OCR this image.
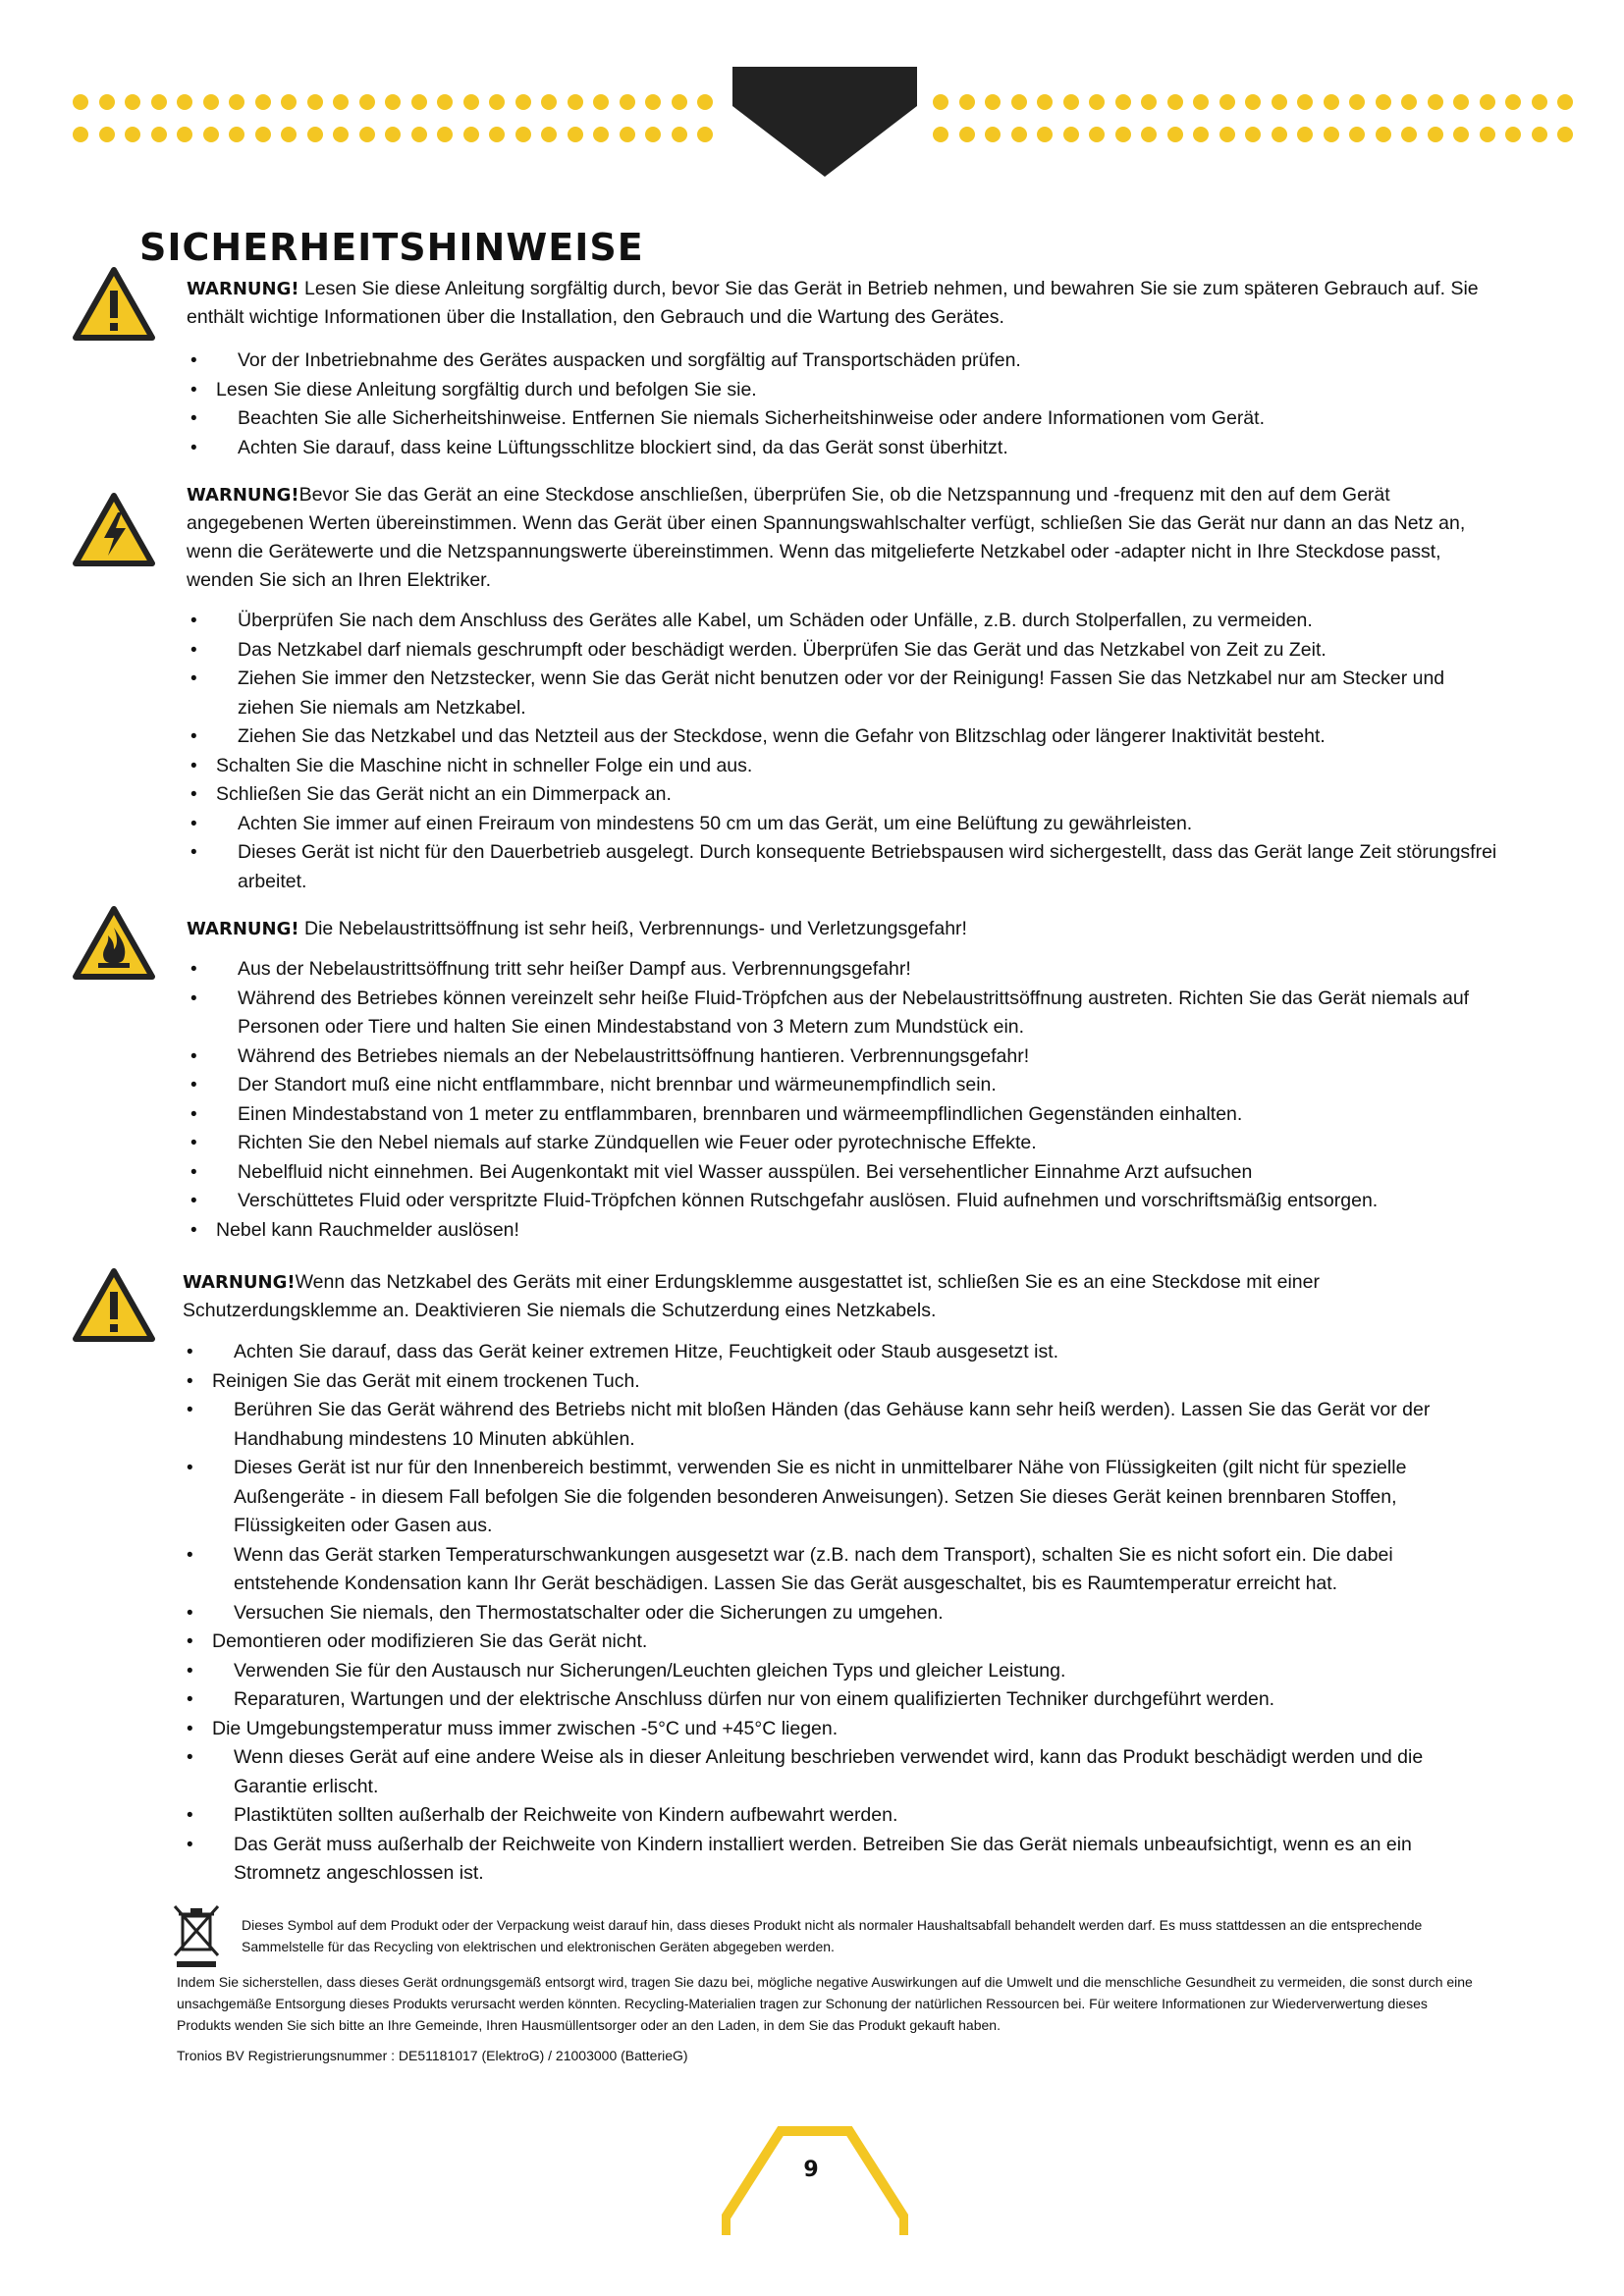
SICHERHEITSHINWEISE
WARNUNG! Lesen Sie diese Anleitung sorgfältig durch, bevor Sie das Gerät in Betrieb nehmen, und bewahren Sie sie zum späteren Gebrauch auf. Sie enthält wichtige Informationen über die Installation, den Gebrauch und die Wartung des Gerätes.
• Vor der Inbetriebnahme des Gerätes auspacken und sorgfältig auf Transportschäden prüfen.
• Lesen Sie diese Anleitung sorgfältig durch und befolgen Sie sie.
• Beachten Sie alle Sicherheitshinweise. Entfernen Sie niemals Sicherheitshinweise oder andere Informationen vom Gerät.
• Achten Sie darauf, dass keine Lüftungsschlitze blockiert sind, da das Gerät sonst überhitzt.
WARNUNG!Bevor Sie das Gerät an eine Steckdose anschließen, überprüfen Sie, ob die Netzspannung und -frequenz mit den auf dem Gerät angegebenen Werten übereinstimmen. Wenn das Gerät über einen Spannungswahlschalter verfügt, schließen Sie das Gerät nur dann an das Netz an, wenn die Gerätewerte und die Netzspannungswerte übereinstimmen. Wenn das mitgelieferte Netzkabel oder -adapter nicht in Ihre Steckdose passt, wenden Sie sich an Ihren Elektriker.
• Überprüfen Sie nach dem Anschluss des Gerätes alle Kabel, um Schäden oder Unfälle, z.B. durch Stolperfallen, zu vermeiden.
• Das Netzkabel darf niemals geschrumpft oder beschädigt werden. Überprüfen Sie das Gerät und das Netzkabel von Zeit zu Zeit.
• Ziehen Sie immer den Netzstecker, wenn Sie das Gerät nicht benutzen oder vor der Reinigung! Fassen Sie das Netzkabel nur am Stecker und ziehen Sie niemals am Netzkabel.
• Ziehen Sie das Netzkabel und das Netzteil aus der Steckdose, wenn die Gefahr von Blitzschlag oder längerer Inaktivität besteht.
• Schalten Sie die Maschine nicht in schneller Folge ein und aus.
• Schließen Sie das Gerät nicht an ein Dimmerpack an.
• Achten Sie immer auf einen Freiraum von mindestens 50 cm um das Gerät, um eine Belüftung zu gewährleisten.
• Dieses Gerät ist nicht für den Dauerbetrieb ausgelegt. Durch konsequente Betriebspausen wird sichergestellt, dass das Gerät lange Zeit störungsfrei arbeitet.
WARNUNG! Die Nebelaustrittsöffnung ist sehr heiß, Verbrennungs- und Verletzungsgefahr!
• Aus der Nebelaustrittsöffnung tritt sehr heißer Dampf aus. Verbrennungsgefahr!
• Während des Betriebes können vereinzelt sehr heiße Fluid-Tröpfchen aus der Nebelaustrittsöffnung austreten. Richten Sie das Gerät niemals auf Personen oder Tiere und halten Sie einen Mindestabstand von 3 Metern zum Mundstück ein.
• Während des Betriebes niemals an der Nebelaustrittsöffnung hantieren. Verbrennungsgefahr!
• Der Standort muß eine nicht entflammbare, nicht brennbar und wärmeunempfindlich sein.
• Einen Mindestabstand von 1 meter zu entflammbaren, brennbaren und wärmeempflindlichen Gegenständen einhalten.
• Richten Sie den Nebel niemals auf starke Zündquellen wie Feuer oder pyrotechnische Effekte.
• Nebelfluid nicht einnehmen. Bei Augenkontakt mit viel Wasser ausspülen. Bei versehentlicher Einnahme Arzt aufsuchen
• Verschüttetes Fluid oder verspritzte Fluid-Tröpfchen können Rutschgefahr auslösen. Fluid aufnehmen und vorschriftsmäßig entsorgen.
• Nebel kann Rauchmelder auslösen!
WARNUNG!Wenn das Netzkabel des Geräts mit einer Erdungsklemme ausgestattet ist, schließen Sie es an eine Steckdose mit einer Schutzerdungsklemme an. Deaktivieren Sie niemals die Schutzerdung eines Netzkabels.
• Achten Sie darauf, dass das Gerät keiner extremen Hitze, Feuchtigkeit oder Staub ausgesetzt ist.
• Reinigen Sie das Gerät mit einem trockenen Tuch.
• Berühren Sie das Gerät während des Betriebs nicht mit bloßen Händen (das Gehäuse kann sehr heiß werden). Lassen Sie das Gerät vor der Handhabung mindestens 10 Minuten abkühlen.
• Dieses Gerät ist nur für den Innenbereich bestimmt, verwenden Sie es nicht in unmittelbarer Nähe von Flüssigkeiten (gilt nicht für spezielle Außengeräte - in diesem Fall befolgen Sie die folgenden besonderen Anweisungen). Setzen Sie dieses Gerät keinen brennbaren Stoffen, Flüssigkeiten oder Gasen aus.
• Wenn das Gerät starken Temperaturschwankungen ausgesetzt war (z.B. nach dem Transport), schalten Sie es nicht sofort ein. Die dabei entstehende Kondensation kann Ihr Gerät beschädigen. Lassen Sie das Gerät ausgeschaltet, bis es Raumtemperatur erreicht hat.
• Versuchen Sie niemals, den Thermostatschalter oder die Sicherungen zu umgehen.
• Demontieren oder modifizieren Sie das Gerät nicht.
• Verwenden Sie für den Austausch nur Sicherungen/Leuchten gleichen Typs und gleicher Leistung.
• Reparaturen, Wartungen und der elektrische Anschluss dürfen nur von einem qualifizierten Techniker durchgeführt werden.
• Die Umgebungstemperatur muss immer zwischen -5°C und +45°C liegen.
• Wenn dieses Gerät auf eine andere Weise als in dieser Anleitung beschrieben verwendet wird, kann das Produkt beschädigt werden und die Garantie erlischt.
• Plastiktüten sollten außerhalb der Reichweite von Kindern aufbewahrt werden.
• Das Gerät muss außerhalb der Reichweite von Kindern installiert werden. Betreiben Sie das Gerät niemals unbeaufsichtigt, wenn es an ein Stromnetz angeschlossen ist.
Dieses Symbol auf dem Produkt oder der Verpackung weist darauf hin, dass dieses Produkt nicht als normaler Haushaltsabfall behandelt werden darf. Es muss stattdessen an die entsprechende Sammelstelle für das Recycling von elektrischen und elektronischen Geräten abgegeben werden.
Indem Sie sicherstellen, dass dieses Gerät ordnungsgemäß entsorgt wird, tragen Sie dazu bei, mögliche negative Auswirkungen auf die Umwelt und die menschliche Gesundheit zu vermeiden, die sonst durch eine unsachgemäße Entsorgung dieses Produkts verursacht werden könnten. Recycling-Materialien tragen zur Schonung der natürlichen Ressourcen bei. Für weitere Informationen zur Wiederverwertung dieses Produkts wenden Sie sich bitte an Ihre Gemeinde, Ihren Hausmüllentsorger oder an den Laden, in dem Sie das Produkt gekauft haben.
Tronios BV Registrierungsnummer : DE51181017 (ElektroG) / 21003000 (BatterieG)
9
